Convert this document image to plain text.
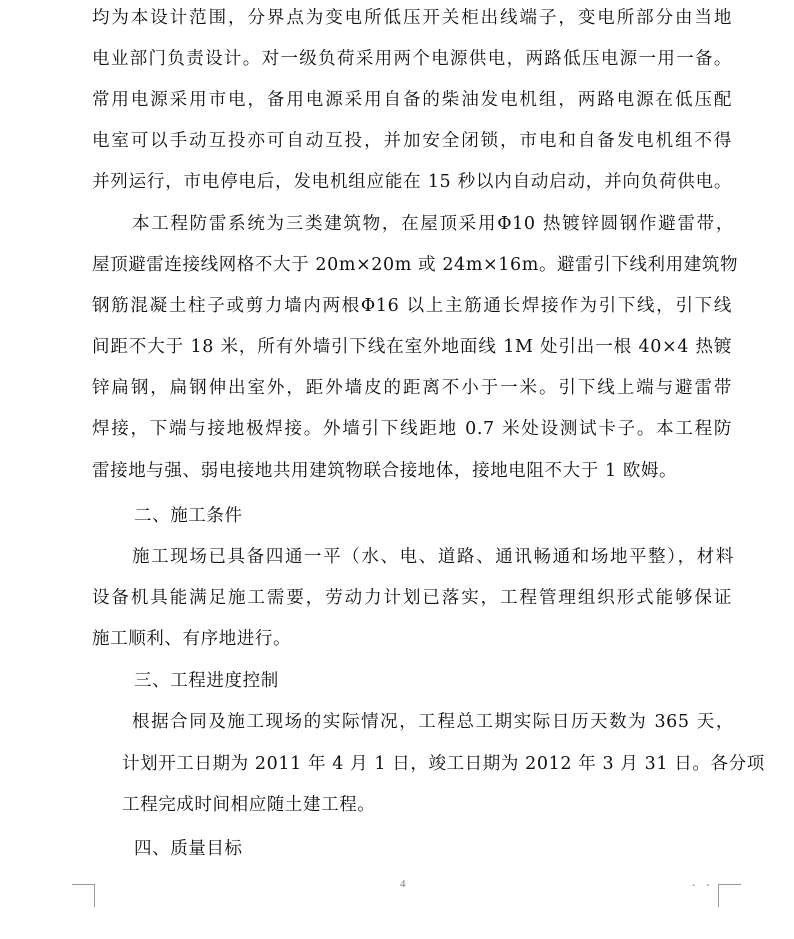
均为本设计范围，分界点为变电所低压开关柜出线端子，变电所部分由当地
电业部门负责设计。对一级负荷采用两个电源供电，两路低压电源一用一备。
常用电源采用市电，备用电源采用自备的柴油发电机组，两路电源在低压配
电室可以手动互投亦可自动互投，并加安全闭锁，市电和自备发电机组不得
并列运行，市电停电后，发电机组应能在 15 秒以内自动启动，并向负荷供电。
本工程防雷系统为三类建筑物，在屋顶采用Φ10 热镀锌圆钢作避雷带，
屋顶避雷连接线网格不大于 20m×20m 或 24m×16m。避雷引下线利用建筑物
钢筋混凝土柱子或剪力墙内两根Φ16 以上主筋通长焊接作为引下线，引下线
间距不大于 18 米，所有外墙引下线在室外地面线 1M 处引出一根 40×4 热镀
锌扁钢，扁钢伸出室外，距外墙皮的距离不小于一米。引下线上端与避雷带
焊接，下端与接地极焊接。外墙引下线距地 0.7 米处设测试卡子。本工程防
雷接地与强、弱电接地共用建筑物联合接地体，接地电阻不大于 1 欧姆。
二、施工条件
施工现场已具备四通一平（水、电、道路、通讯畅通和场地平整），材料
设备机具能满足施工需要，劳动力计划已落实，工程管理组织形式能够保证
施工顺利、有序地进行。
三、工程进度控制
根据合同及施工现场的实际情况，工程总工期实际日历天数为 365 天，
计划开工日期为 2011 年 4 月 1 日，竣工日期为 2012 年 3 月 31 日。各分项
工程完成时间相应随土建工程。
四、质量目标
4	- -
